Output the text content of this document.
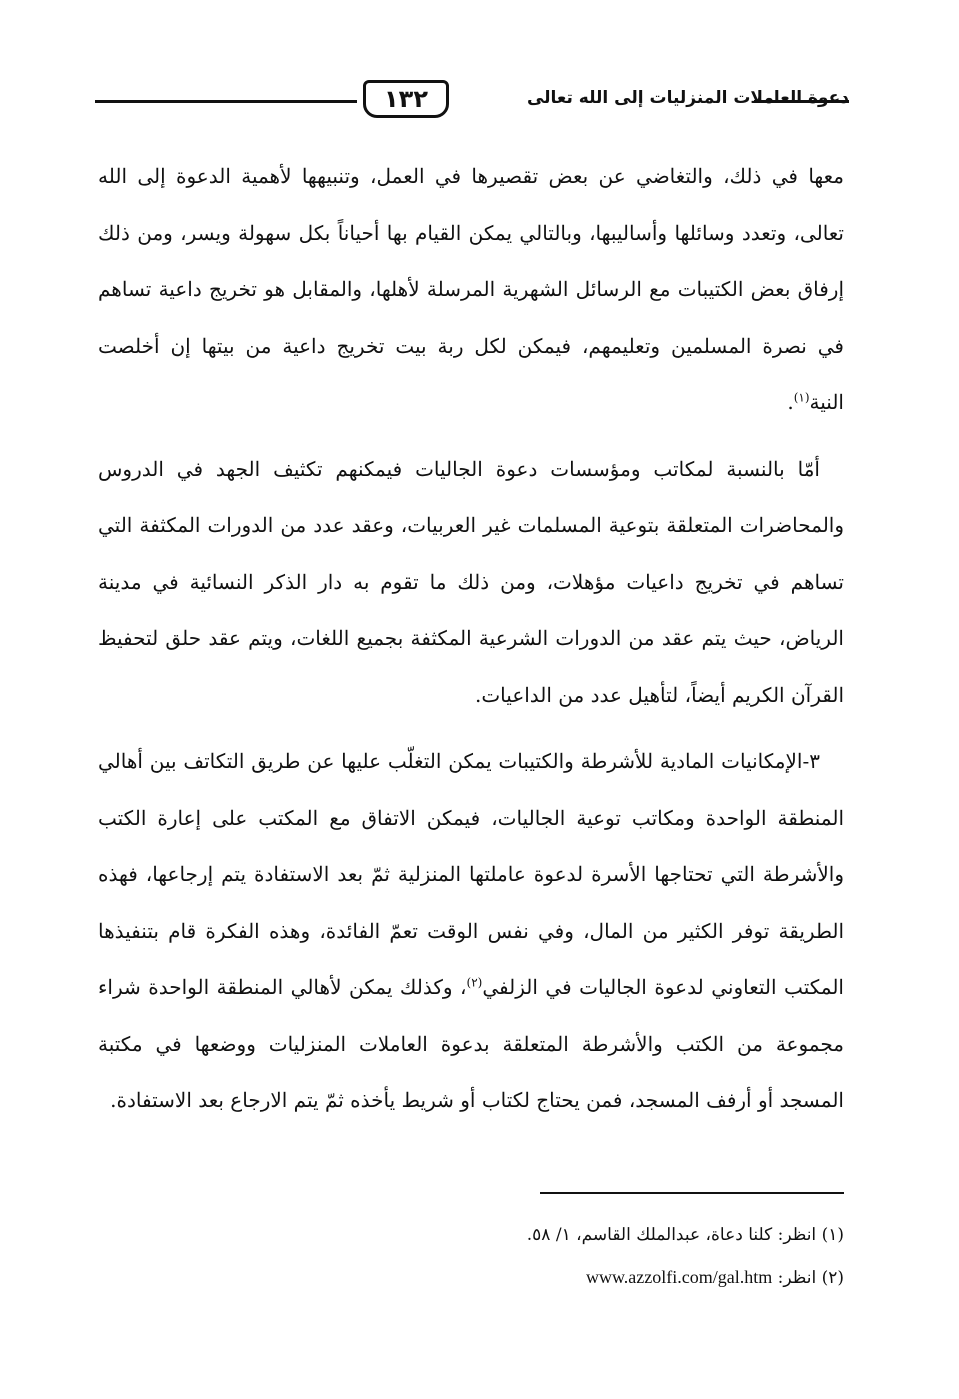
١٣٢	دعوة العاملات المنزليات إلى الله تعالى

معها في ذلك، والتغاضي عن بعض تقصيرها في العمل، وتنبيهها لأهمية الدعوة إلى الله تعالى، وتعدد وسائلها وأساليبها، وبالتالي يمكن القيام بها أحياناً بكل سهولة ويسر، ومن ذلك إرفاق بعض الكتيبات مع الرسائل الشهرية المرسلة لأهلها، والمقابل هو تخريج داعية تساهم في نصرة المسلمين وتعليمهم، فيمكن لكل ربة بيت تخريج داعية من بيتها إن أخلصت النية$^{(١)}$.

أمّا بالنسبة لمكاتب ومؤسسات دعوة الجاليات فيمكنهم تكثيف الجهد في الدروس والمحاضرات المتعلقة بتوعية المسلمات غير العربيات، وعقد عدد من الدورات المكثفة التي تساهم في تخريج داعيات مؤهلات، ومن ذلك ما تقوم به دار الذكر النسائية في مدينة الرياض، حيث يتم عقد من الدورات الشرعية المكثفة بجميع اللغات، ويتم عقد حلق لتحفيظ القرآن الكريم أيضاً، لتأهيل عدد من الداعيات.

٣-الإمكانيات المادية للأشرطة والكتيبات يمكن التغلّب عليها عن طريق التكاتف بين أهالي المنطقة الواحدة ومكاتب توعية الجاليات، فيمكن الاتفاق مع المكتب على إعارة الكتب والأشرطة التي تحتاجها الأسرة لدعوة عاملتها المنزلية ثمّ بعد الاستفادة يتم إرجاعها، فهذه الطريقة توفر الكثير من المال، وفي نفس الوقت تعمّ الفائدة، وهذه الفكرة قام بتنفيذها المكتب التعاوني لدعوة الجاليات في الزلفي$^{(٢)}$، وكذلك يمكن لأهالي المنطقة الواحدة شراء مجموعة من الكتب والأشرطة المتعلقة بدعوة العاملات المنزليات ووضعها في مكتبة المسجد أو أرفف المسجد، فمن يحتاج لكتاب أو شريط يأخذه ثمّ يتم الارجاع بعد الاستفادة.

(١) انظر: كلنا دعاة، عبدالملك القاسم، ١/ ٥٨.
(٢) انظر: www.azzolfi.com/gal.htm
